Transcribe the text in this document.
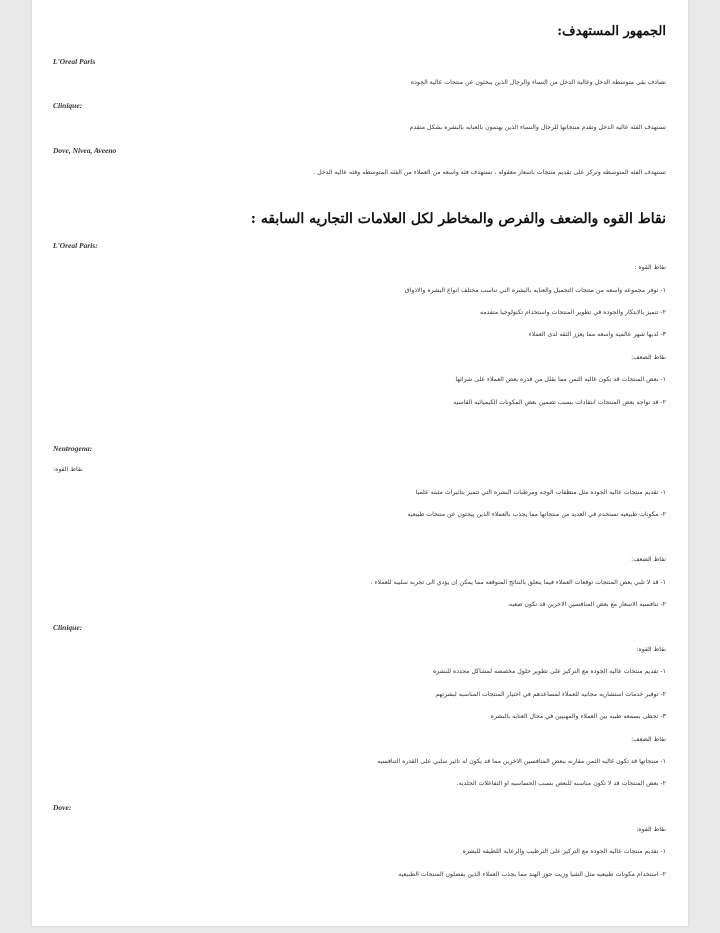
الجمهور المستهدف:
L'Oreal Paris
تصادف بقى متوسطة الدخل وعالية الدخل من النساء والرجال الذين يبحثون عن منتجات عالية الجوده
Clinique:
تستهدف الفئه عاليه الدخل وتقدم منتجاتها للرجال والنساء الذين يهتمون بالعنايه بالبشره بشكل متقدم
Dove, Nivea, Aveeno
تستهدف الفئه المتوسطه وتركز على تقديم منتجات باسعار معقوله ، تستهدف فئه واسعه من العملاء من الفئه المتوسطه وفئه عاليه الدخل .
نقاط القوه والضعف والفرص والمخاطر لكل العلامات التجاريه السابقه :
L'Oreal Paris:
نقاط القوه :
١- توفر مجموعه واسعه من منتجات التجميل والعنايه بالبشره التي تناسب مختلف انواع البشره والاذواق
٢- تتميز بالابتكار والجوده في تطوير المنتجات واستخدام تكنولوجيا متقدمه
٣- لديها شهر عالميه واسعه مما يعزز الثقه لدى العملاء
نقاط الضعف:
١- بعض المنتجات قد تكون غاليه الثمن مما يقلل من قدره بعض العملاء على شرائها
٢- قد تواجه بعض المنتجات انتقادات بسبب تضمين بعض المكونات الكيميائيه القاسيه
Neutrogena:
نقاط القوه:
١- تقديم منتجات عاليه الجوده مثل منظفات الوجه ومرطبات البشره التي تتميز بتاثيرات مثبته علميا
٢- مكونات طبيعيه تستخدم في العديد من منتجاتها مما يجذب بالعملاء الذين يبحثون عن منتجات طبيعيه
نقاط الضعف:
١- قد لا تلبي بعض المنتجات توقعات العملاء فيما يتعلق بالنتائج المتوقعه مما يمكن ان يؤدي الى تجربه سلبيه للعملاء .
٢- تنافسيه الاسعار مع بعض المنافسين الاخرين قد تكون صعبه.
Clinique:
نقاط القوه:
١- تقديم منتجات عاليه الجوده مع التركيز على تطوير حلول مخصصه لمشاكل محدده للبشره
٢- توفير خدمات استشاريه مجانيه للعملاء لمساعدهم في اختيار المنتجات المناسبه لبشرتهم
٣- تحظى بسمعه طيبه بين العملاء والمهنيين في مجال العنايه بالبشره
نقاط الضعف:
١- منتجاتها قد تكون غاليه الثمن مقارنه ببعض المنافسين الاخرين مما قد يكون له تاثير سلبي على القدره التنافسيه
٢- بعض المنتجات قد لا تكون مناسبه للبعض بسبب الحساسيه او التفاعلات الجلديه.
Dove:
نقاط القوه:
١- تقديم منتجات عاليه الجوده مع التركيز على الترطيب والرعايه اللطيفه للبشره
٢- استخدام مكونات طبيعيه مثل الشيا وزيت جوز الهند مما يجذب العملاء الذين يفضلون المنتجات الطبيعيه
